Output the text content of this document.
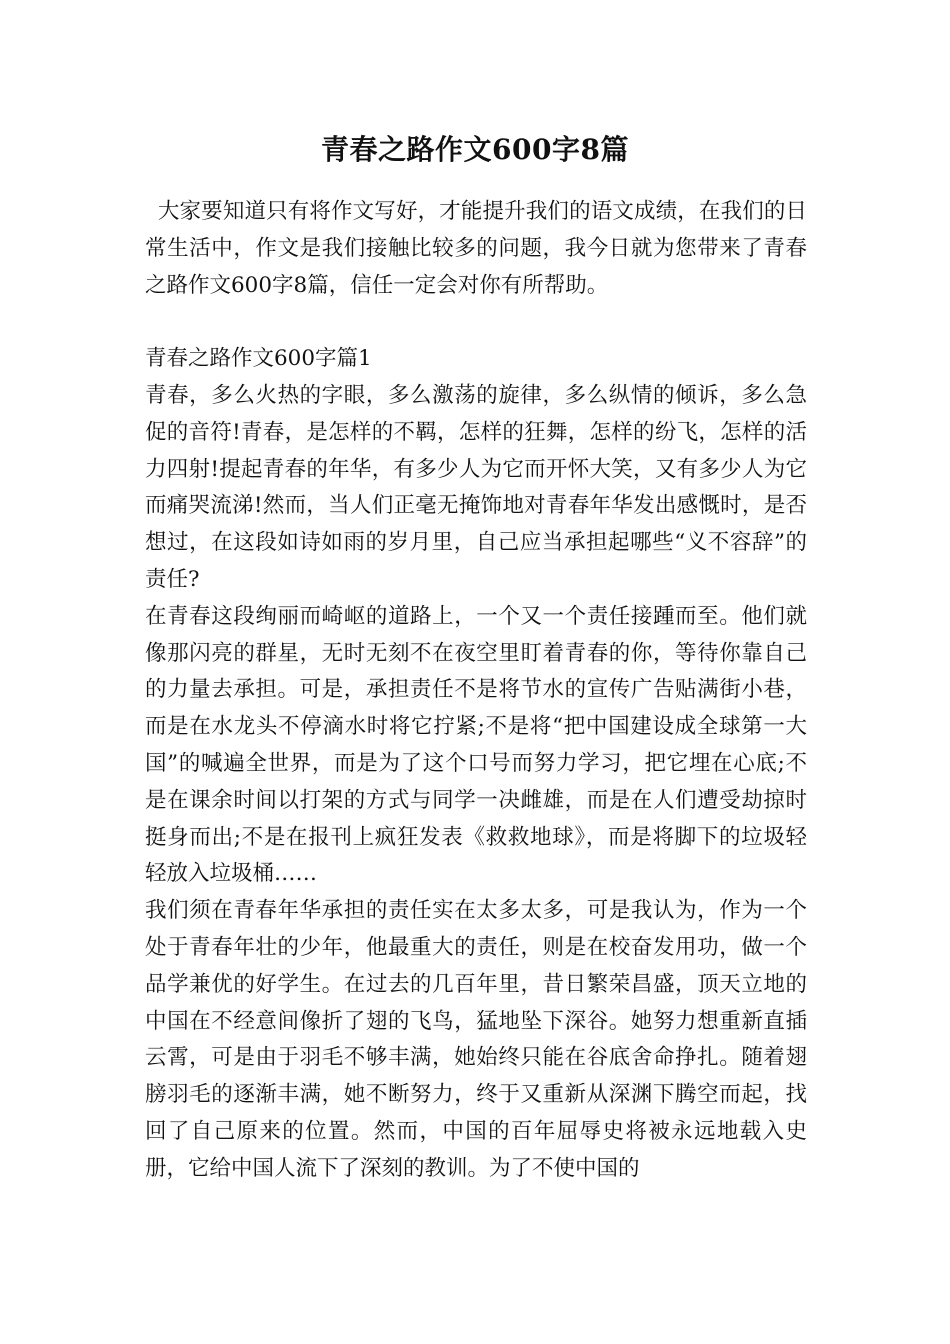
青春之路作文600字8篇

大家要知道只有将作文写好，才能提升我们的语文成绩，在我们的日常生活中，作文是我们接触比较多的问题，我今日就为您带来了青春之路作文600字8篇，信任一定会对你有所帮助。

青春之路作文600字篇1

青春，多么火热的字眼，多么激荡的旋律，多么纵情的倾诉，多么急促的音符!青春，是怎样的不羁，怎样的狂舞，怎样的纷飞，怎样的活力四射!提起青春的年华，有多少人为它而开怀大笑，又有多少人为它而痛哭流涕!然而，当人们正毫无掩饰地对青春年华发出感慨时，是否想过，在这段如诗如雨的岁月里，自己应当承担起哪些“义不容辞”的责任?

在青春这段绚丽而崎岖的道路上，一个又一个责任接踵而至。他们就像那闪亮的群星，无时无刻不在夜空里盯着青春的你，等待你靠自己的力量去承担。可是，承担责任不是将节水的宣传广告贴满街小巷，而是在水龙头不停滴水时将它拧紧;不是将“把中国建设成全球第一大国”的喊遍全世界，而是为了这个口号而努力学习，把它埋在心底;不是在课余时间以打架的方式与同学一决雌雄，而是在人们遭受劫掠时挺身而出;不是在报刊上疯狂发表《救救地球》，而是将脚下的垃圾轻轻放入垃圾桶……

我们须在青春年华承担的责任实在太多太多，可是我认为，作为一个处于青春年壮的少年，他最重大的责任，则是在校奋发用功，做一个品学兼优的好学生。在过去的几百年里，昔日繁荣昌盛，顶天立地的中国在不经意间像折了翅的飞鸟，猛地坠下深谷。她努力想重新直插云霄，可是由于羽毛不够丰满，她始终只能在谷底舍命挣扎。随着翅膀羽毛的逐渐丰满，她不断努力，终于又重新从深渊下腾空而起，找回了自己原来的位置。然而，中国的百年屈辱史将被永远地载入史册，它给中国人流下了深刻的教训。为了不使中国的
